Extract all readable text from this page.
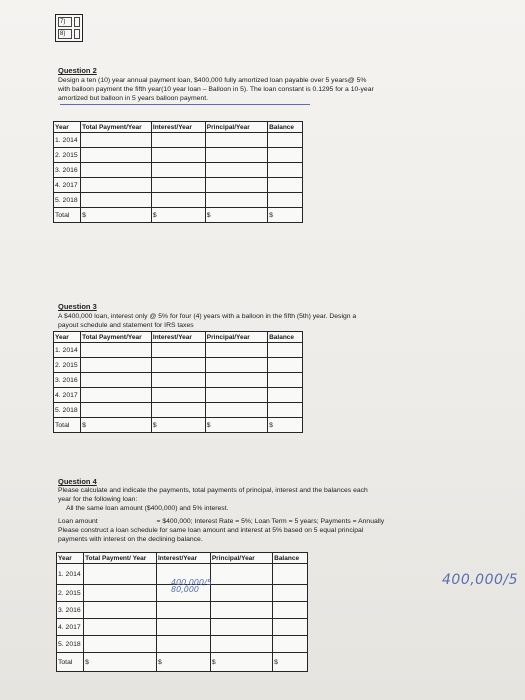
7)	
8)	
Question 2
Design a ten (10) year annual payment loan, $400,000 fully amortized loan payable over 5 years@ 5%
with balloon payment the fifth year(10 year loan – Balloon in 5). The loan constant is 0.1295 for a 10-year
amortized but balloon in 5 years balloon payment.
Year	Total Payment/Year	Interest/Year	Principal/Year	Balance
1. 2014				
2. 2015				
3. 2016				
4. 2017				
5. 2018				
Total	$	$	$	$
Question 3
A $400,000 loan, interest only @ 5% for four (4) years with a balloon in the fifth (5th) year. Design a
payout schedule and statement for IRS taxes
Year	Total Payment/Year	Interest/Year	Principal/Year	Balance
1. 2014				
2. 2015				
3. 2016				
4. 2017				
5. 2018				
Total	$	$	$	$
Question 4
Please calculate and indicate the payments, total payments of principal, interest and the balances each
year for the following loan:
All the same loan amount ($400,000) and 5% interest.
Loan amount	= $400,000; Interest Rate = 5%; Loan Term = 5 years; Payments = Annually
Please construct a loan schedule for same loan amount and interest at 5% based on 5 equal principal
payments with interest on the declining balance.
Year	Total Payment/ Year	Interest/Year	Principal/Year	Balance
1. 2014				
2. 2015				
3. 2016				
4. 2017				
5. 2018				
Total	$	$	$	$
400,000/5
80,000
400,000/5
